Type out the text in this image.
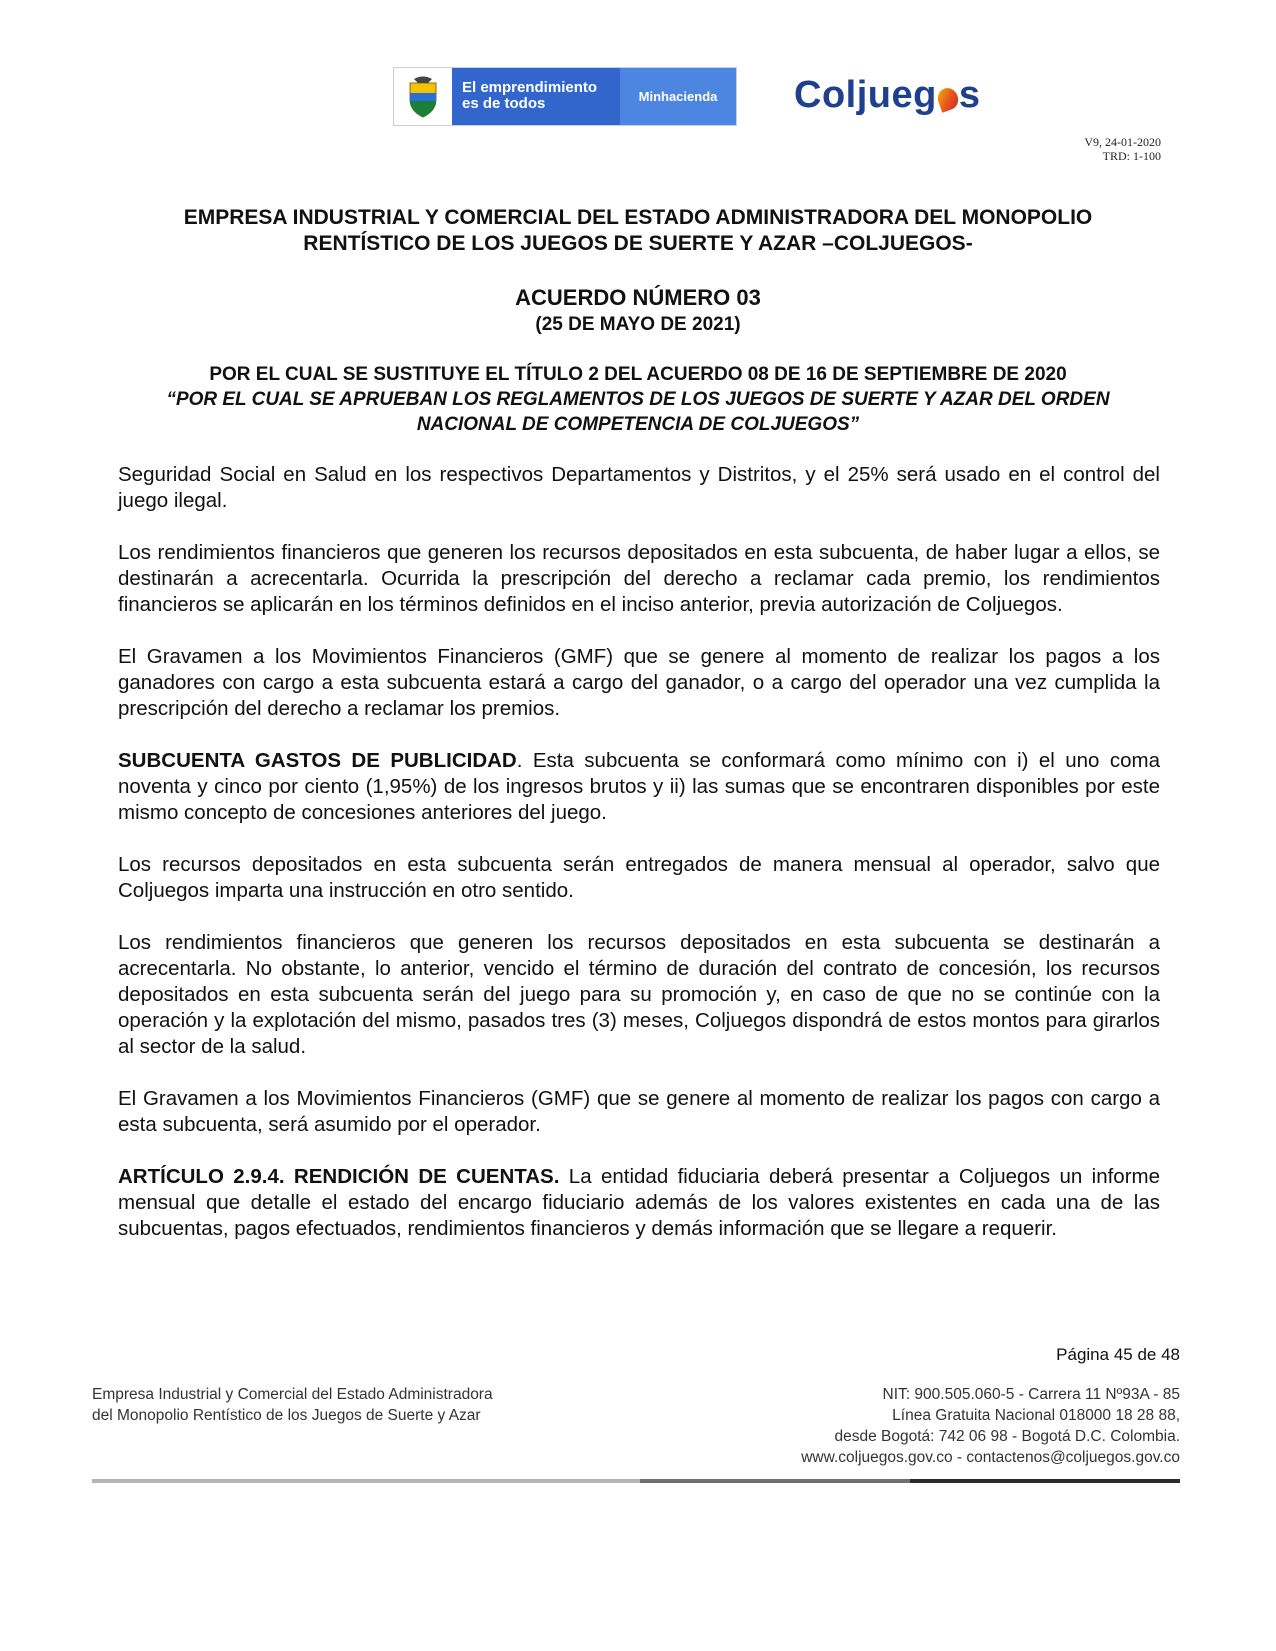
El emprendimiento es de todos	Minhacienda	Coljueg s
V9, 24-01-2020
TRD: 1-100
EMPRESA INDUSTRIAL Y COMERCIAL DEL ESTADO ADMINISTRADORA DEL MONOPOLIO RENTÍSTICO DE LOS JUEGOS DE SUERTE Y AZAR –COLJUEGOS-
ACUERDO NÚMERO 03
(25 DE MAYO DE 2021)
POR EL CUAL SE SUSTITUYE EL TÍTULO 2 DEL ACUERDO 08 DE 16 DE SEPTIEMBRE DE 2020
“POR EL CUAL SE APRUEBAN LOS REGLAMENTOS DE LOS JUEGOS DE SUERTE Y AZAR DEL ORDEN NACIONAL DE COMPETENCIA DE COLJUEGOS”

Seguridad Social en Salud en los respectivos Departamentos y Distritos, y el 25% será usado en el control del juego ilegal.

Los rendimientos financieros que generen los recursos depositados en esta subcuenta, de haber lugar a ellos, se destinarán a acrecentarla. Ocurrida la prescripción del derecho a reclamar cada premio, los rendimientos financieros se aplicarán en los términos definidos en el inciso anterior, previa autorización de Coljuegos.

El Gravamen a los Movimientos Financieros (GMF) que se genere al momento de realizar los pagos a los ganadores con cargo a esta subcuenta estará a cargo del ganador, o a cargo del operador una vez cumplida la prescripción del derecho a reclamar los premios.

SUBCUENTA GASTOS DE PUBLICIDAD. Esta subcuenta se conformará como mínimo con i) el uno coma noventa y cinco por ciento (1,95%) de los ingresos brutos y ii) las sumas que se encontraren disponibles por este mismo concepto de concesiones anteriores del juego.

Los recursos depositados en esta subcuenta serán entregados de manera mensual al operador, salvo que Coljuegos imparta una instrucción en otro sentido.

Los rendimientos financieros que generen los recursos depositados en esta subcuenta se destinarán a acrecentarla. No obstante, lo anterior, vencido el término de duración del contrato de concesión, los recursos depositados en esta subcuenta serán del juego para su promoción y, en caso de que no se continúe con la operación y la explotación del mismo, pasados tres (3) meses, Coljuegos dispondrá de estos montos para girarlos al sector de la salud.

El Gravamen a los Movimientos Financieros (GMF) que se genere al momento de realizar los pagos con cargo a esta subcuenta, será asumido por el operador.

ARTÍCULO 2.9.4. RENDICIÓN DE CUENTAS. La entidad fiduciaria deberá presentar a Coljuegos un informe mensual que detalle el estado del encargo fiduciario además de los valores existentes en cada una de las subcuentas, pagos efectuados, rendimientos financieros y demás información que se llegare a requerir.

Página 45 de 48
Empresa Industrial y Comercial del Estado Administradora
del Monopolio Rentístico de los Juegos de Suerte y Azar
NIT: 900.505.060-5 - Carrera 11 Nº93A - 85
Línea Gratuita Nacional 018000 18 28 88,
desde Bogotá: 742 06 98 - Bogotá D.C. Colombia.
www.coljuegos.gov.co - contactenos@coljuegos.gov.co
